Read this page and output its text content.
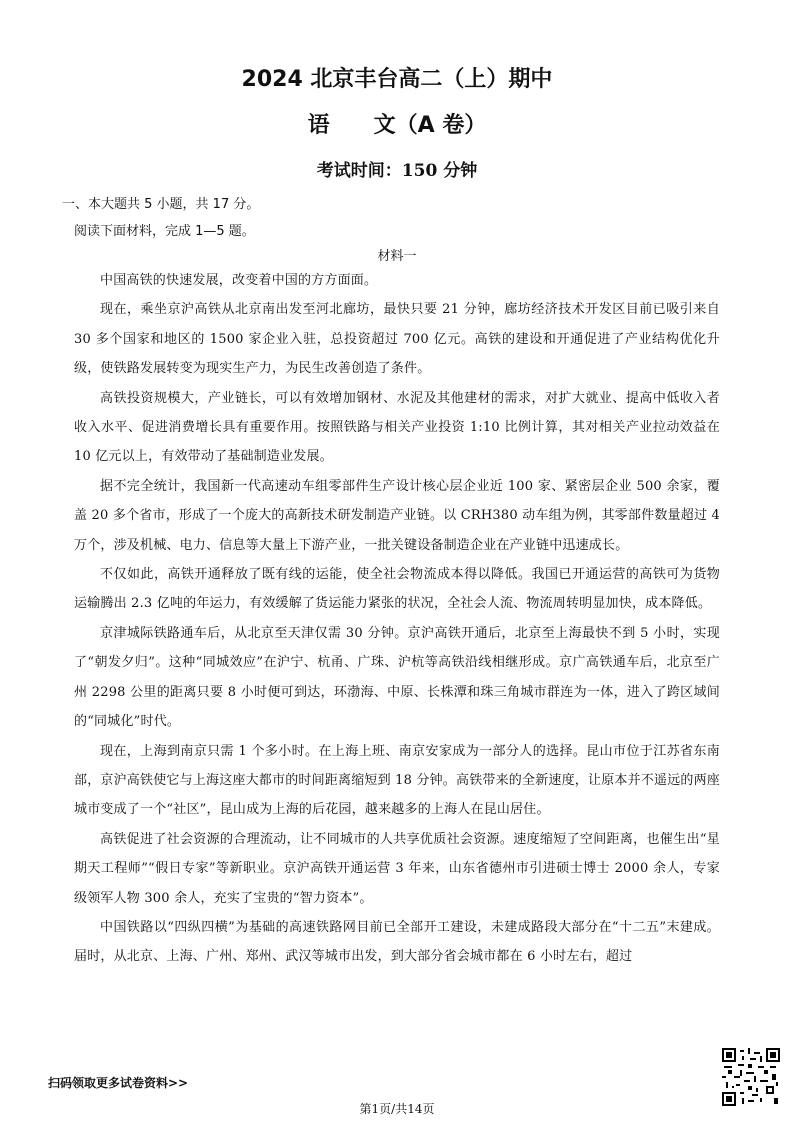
2024 北京丰台高二（上）期中
语　　文（A 卷）
考试时间：150 分钟
一、本大题共 5 小题，共 17 分。
阅读下面材料，完成 1—5 题。
材料一

中国高铁的快速发展，改变着中国的方方面面。

现在，乘坐京沪高铁从北京南出发至河北廊坊，最快只要 21 分钟，廊坊经济技术开发区目前已吸引来自 30 多个国家和地区的 1500 家企业入驻，总投资超过 700 亿元。高铁的建设和开通促进了产业结构优化升级，使铁路发展转变为现实生产力，为民生改善创造了条件。

高铁投资规模大，产业链长，可以有效增加钢材、水泥及其他建材的需求，对扩大就业、提高中低收入者收入水平、促进消费增长具有重要作用。按照铁路与相关产业投资 1:10 比例计算，其对相关产业拉动效益在 10 亿元以上，有效带动了基础制造业发展。

据不完全统计，我国新一代高速动车组零部件生产设计核心层企业近 100 家、紧密层企业 500 余家，覆盖 20 多个省市，形成了一个庞大的高新技术研发制造产业链。以 CRH380 动车组为例，其零部件数量超过 4 万个，涉及机械、电力、信息等大量上下游产业，一批关键设备制造企业在产业链中迅速成长。

不仅如此，高铁开通释放了既有线的运能，使全社会物流成本得以降低。我国已开通运营的高铁可为货物运输腾出 2.3 亿吨的年运力，有效缓解了货运能力紧张的状况，全社会人流、物流周转明显加快，成本降低。

京津城际铁路通车后，从北京至天津仅需 30 分钟。京沪高铁开通后，北京至上海最快不到 5 小时，实现了“朝发夕归”。这种“同城效应”在沪宁、杭甬、广珠、沪杭等高铁沿线相继形成。京广高铁通车后，北京至广州 2298 公里的距离只要 8 小时便可到达，环渤海、中原、长株潭和珠三角城市群连为一体，进入了跨区域间的“同城化”时代。

现在，上海到南京只需 1 个多小时。在上海上班、南京安家成为一部分人的选择。昆山市位于江苏省东南部，京沪高铁使它与上海这座大都市的时间距离缩短到 18 分钟。高铁带来的全新速度，让原本并不遥远的两座城市变成了一个“社区”，昆山成为上海的后花园，越来越多的上海人在昆山居住。

高铁促进了社会资源的合理流动，让不同城市的人共享优质社会资源。速度缩短了空间距离，也催生出“星期天工程师”“假日专家”等新职业。京沪高铁开通运营 3 年来，山东省德州市引进硕士博士 2000 余人，专家级领军人物 300 余人，充实了宝贵的“智力资本”。

中国铁路以“四纵四横”为基础的高速铁路网目前已全部开工建设，未建成路段大部分在“十二五”末建成。届时，从北京、上海、广州、郑州、武汉等城市出发，到大部分省会城市都在 6 小时左右，超过

扫码领取更多试卷资料>>
第1页/共14页
